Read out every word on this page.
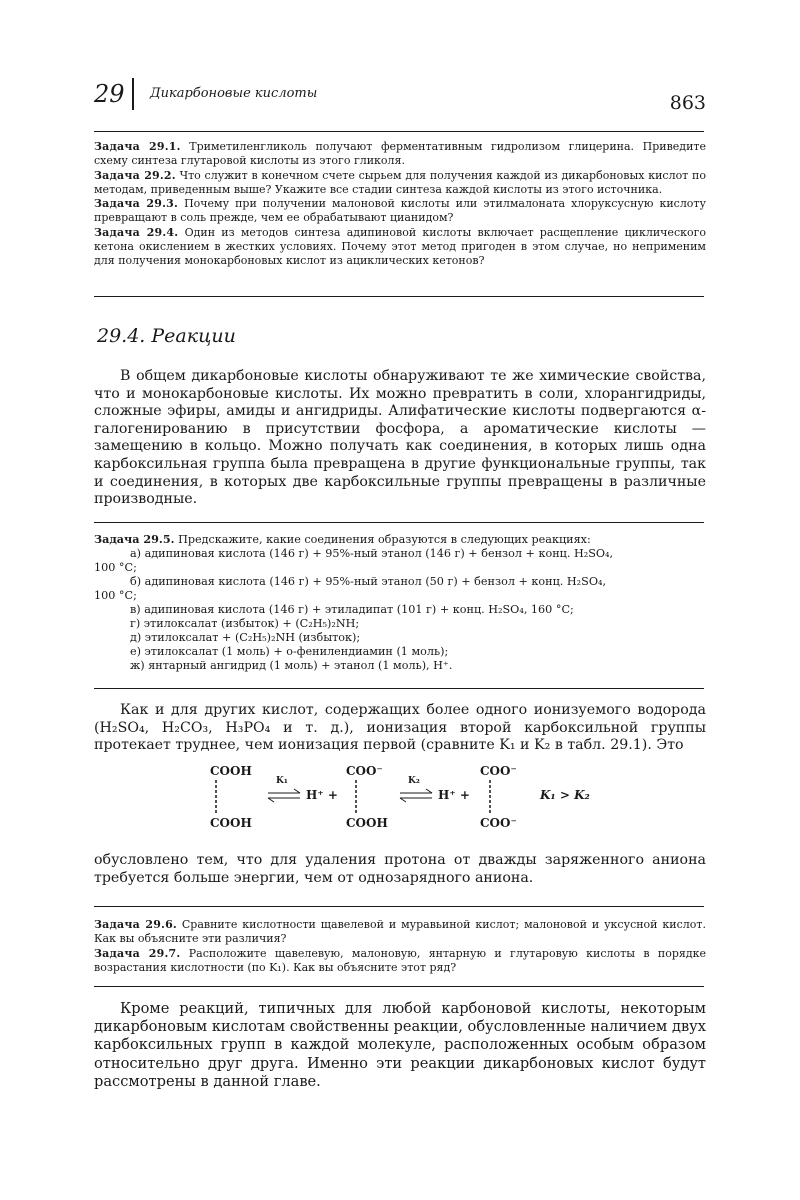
29 Дикарбоновые кислоты	863

Задача 29.1. Триметиленгликоль получают ферментативным гидролизом глицерина. Приведите схему синтеза глутаровой кислоты из этого гликоля.

Задача 29.2. Что служит в конечном счете сырьем для получения каждой из дикарбоновых кислот по методам, приведенным выше? Укажите все стадии синтеза каждой кислоты из этого источника.

Задача 29.3. Почему при получении малоновой кислоты или этилмалоната хлоруксусную кислоту превращают в соль прежде, чем ее обрабатывают цианидом?

Задача 29.4. Один из методов синтеза адипиновой кислоты включает расщепление циклического кетона окислением в жестких условиях. Почему этот метод пригоден в этом случае, но неприменим для получения монокарбоновых кислот из ациклических кетонов?

29.4. Реакции

В общем дикарбоновые кислоты обнаруживают те же химические свойства, что и монокарбоновые кислоты. Их можно превратить в соли, хлорангидриды, сложные эфиры, амиды и ангидриды. Алифатические кислоты подвергаются α-галогенированию в присутствии фосфора, а ароматические кислоты — замещению в кольцо. Можно получать как соединения, в которых лишь одна карбоксильная группа была превращена в другие функциональные группы, так и соединения, в которых две карбоксильные группы превращены в различные производные.

Задача 29.5. Предскажите, какие соединения образуются в следующих реакциях:
а) адипиновая кислота (146 г) + 95%-ный этанол (146 г) + бензол + конц. H₂SO₄,
100 °С;
б) адипиновая кислота (146 г) + 95%-ный этанол (50 г) + бензол + конц. H₂SO₄,
100 °С;
в) адипиновая кислота (146 г) + этиладипат (101 г) + конц. H₂SO₄, 160 °С;
г) этилоксалат (избыток) + (C₂H₅)₂NH;
д) этилоксалат + (C₂H₅)₂NH (избыток);
е) этилоксалат (1 моль) + о-фенилендиамин (1 моль);
ж) янтарный ангидрид (1 моль) + этанол (1 моль), H⁺.

Как и для других кислот, содержащих более одного ионизуемого водорода (H₂SO₄, H₂CO₃, H₃PO₄ и т. д.), ионизация второй карбоксильной группы протекает труднее, чем ионизация первой (сравните K₁ и K₂ в табл. 29.1). Это

COOH
COOH
K₁
H⁺ +
COO⁻
COOH
K₂
H⁺ +
COO⁻
COO⁻
K₁ > K₂

обусловлено тем, что для удаления протона от дважды заряженного аниона требуется больше энергии, чем от однозарядного аниона.

Задача 29.6. Сравните кислотности щавелевой и муравьиной кислот; малоновой и уксусной кислот. Как вы объясните эти различия?

Задача 29.7. Расположите щавелевую, малоновую, янтарную и глутаровую кислоты в порядке возрастания кислотности (по K₁). Как вы объясните этот ряд?

Кроме реакций, типичных для любой карбоновой кислоты, некоторым дикарбоновым кислотам свойственны реакции, обусловленные наличием двух карбоксильных групп в каждой молекуле, расположенных особым образом относительно друг друга. Именно эти реакции дикарбоновых кислот будут рассмотрены в данной главе.
